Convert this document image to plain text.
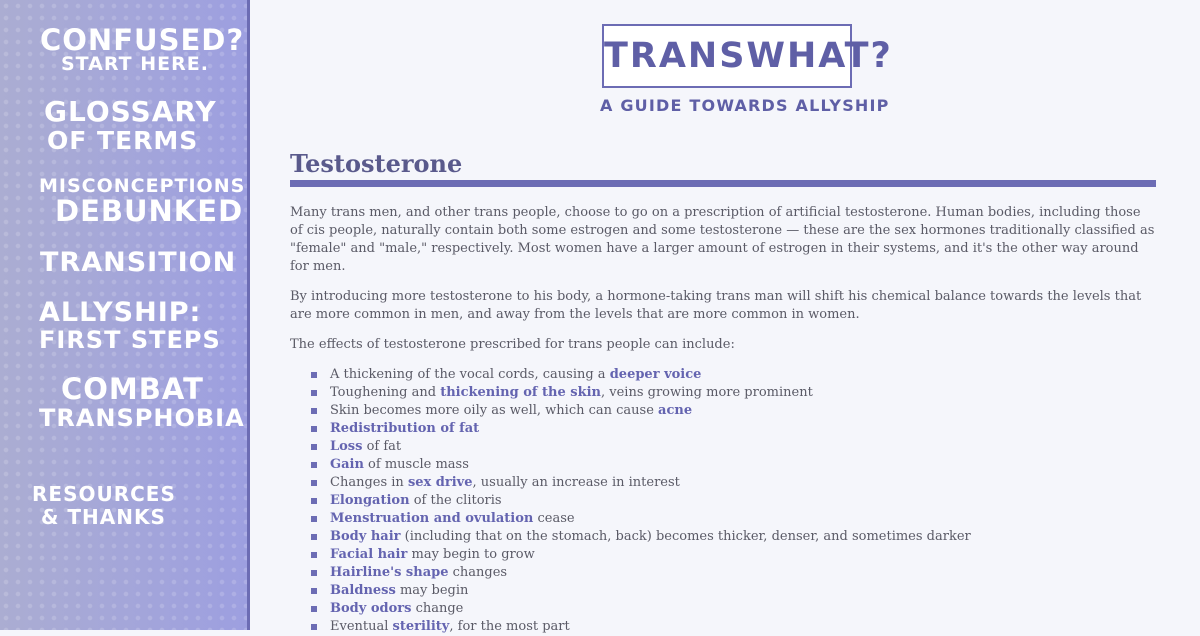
CONFUSED?
START HERE.
GLOSSARY
OF TERMS
MISCONCEPTIONS
DEBUNKED
TRANSITION
ALLYSHIP:
FIRST STEPS
COMBAT
TRANSPHOBIA
RESOURCES
& THANKS
TRANSWHAT?
A GUIDE TOWARDS ALLYSHIP
Testosterone

Many trans men, and other trans people, choose to go on a prescription of artificial testosterone. Human bodies, including those of cis people, naturally contain both some estrogen and some testosterone — these are the sex hormones traditionally classified as "female" and "male," respectively. Most women have a larger amount of estrogen in their systems, and it's the other way around for men.

By introducing more testosterone to his body, a hormone-taking trans man will shift his chemical balance towards the levels that are more common in men, and away from the levels that are more common in women.

The effects of testosterone prescribed for trans people can include:

A thickening of the vocal cords, causing a deeper voice
Toughening and thickening of the skin, veins growing more prominent
Skin becomes more oily as well, which can cause acne
Redistribution of fat
Loss of fat
Gain of muscle mass
Changes in sex drive, usually an increase in interest
Elongation of the clitoris
Menstruation and ovulation cease
Body hair (including that on the stomach, back) becomes thicker, denser, and sometimes darker
Facial hair may begin to grow
Hairline's shape changes
Baldness may begin
Body odors change
Eventual sterility, for the most part
